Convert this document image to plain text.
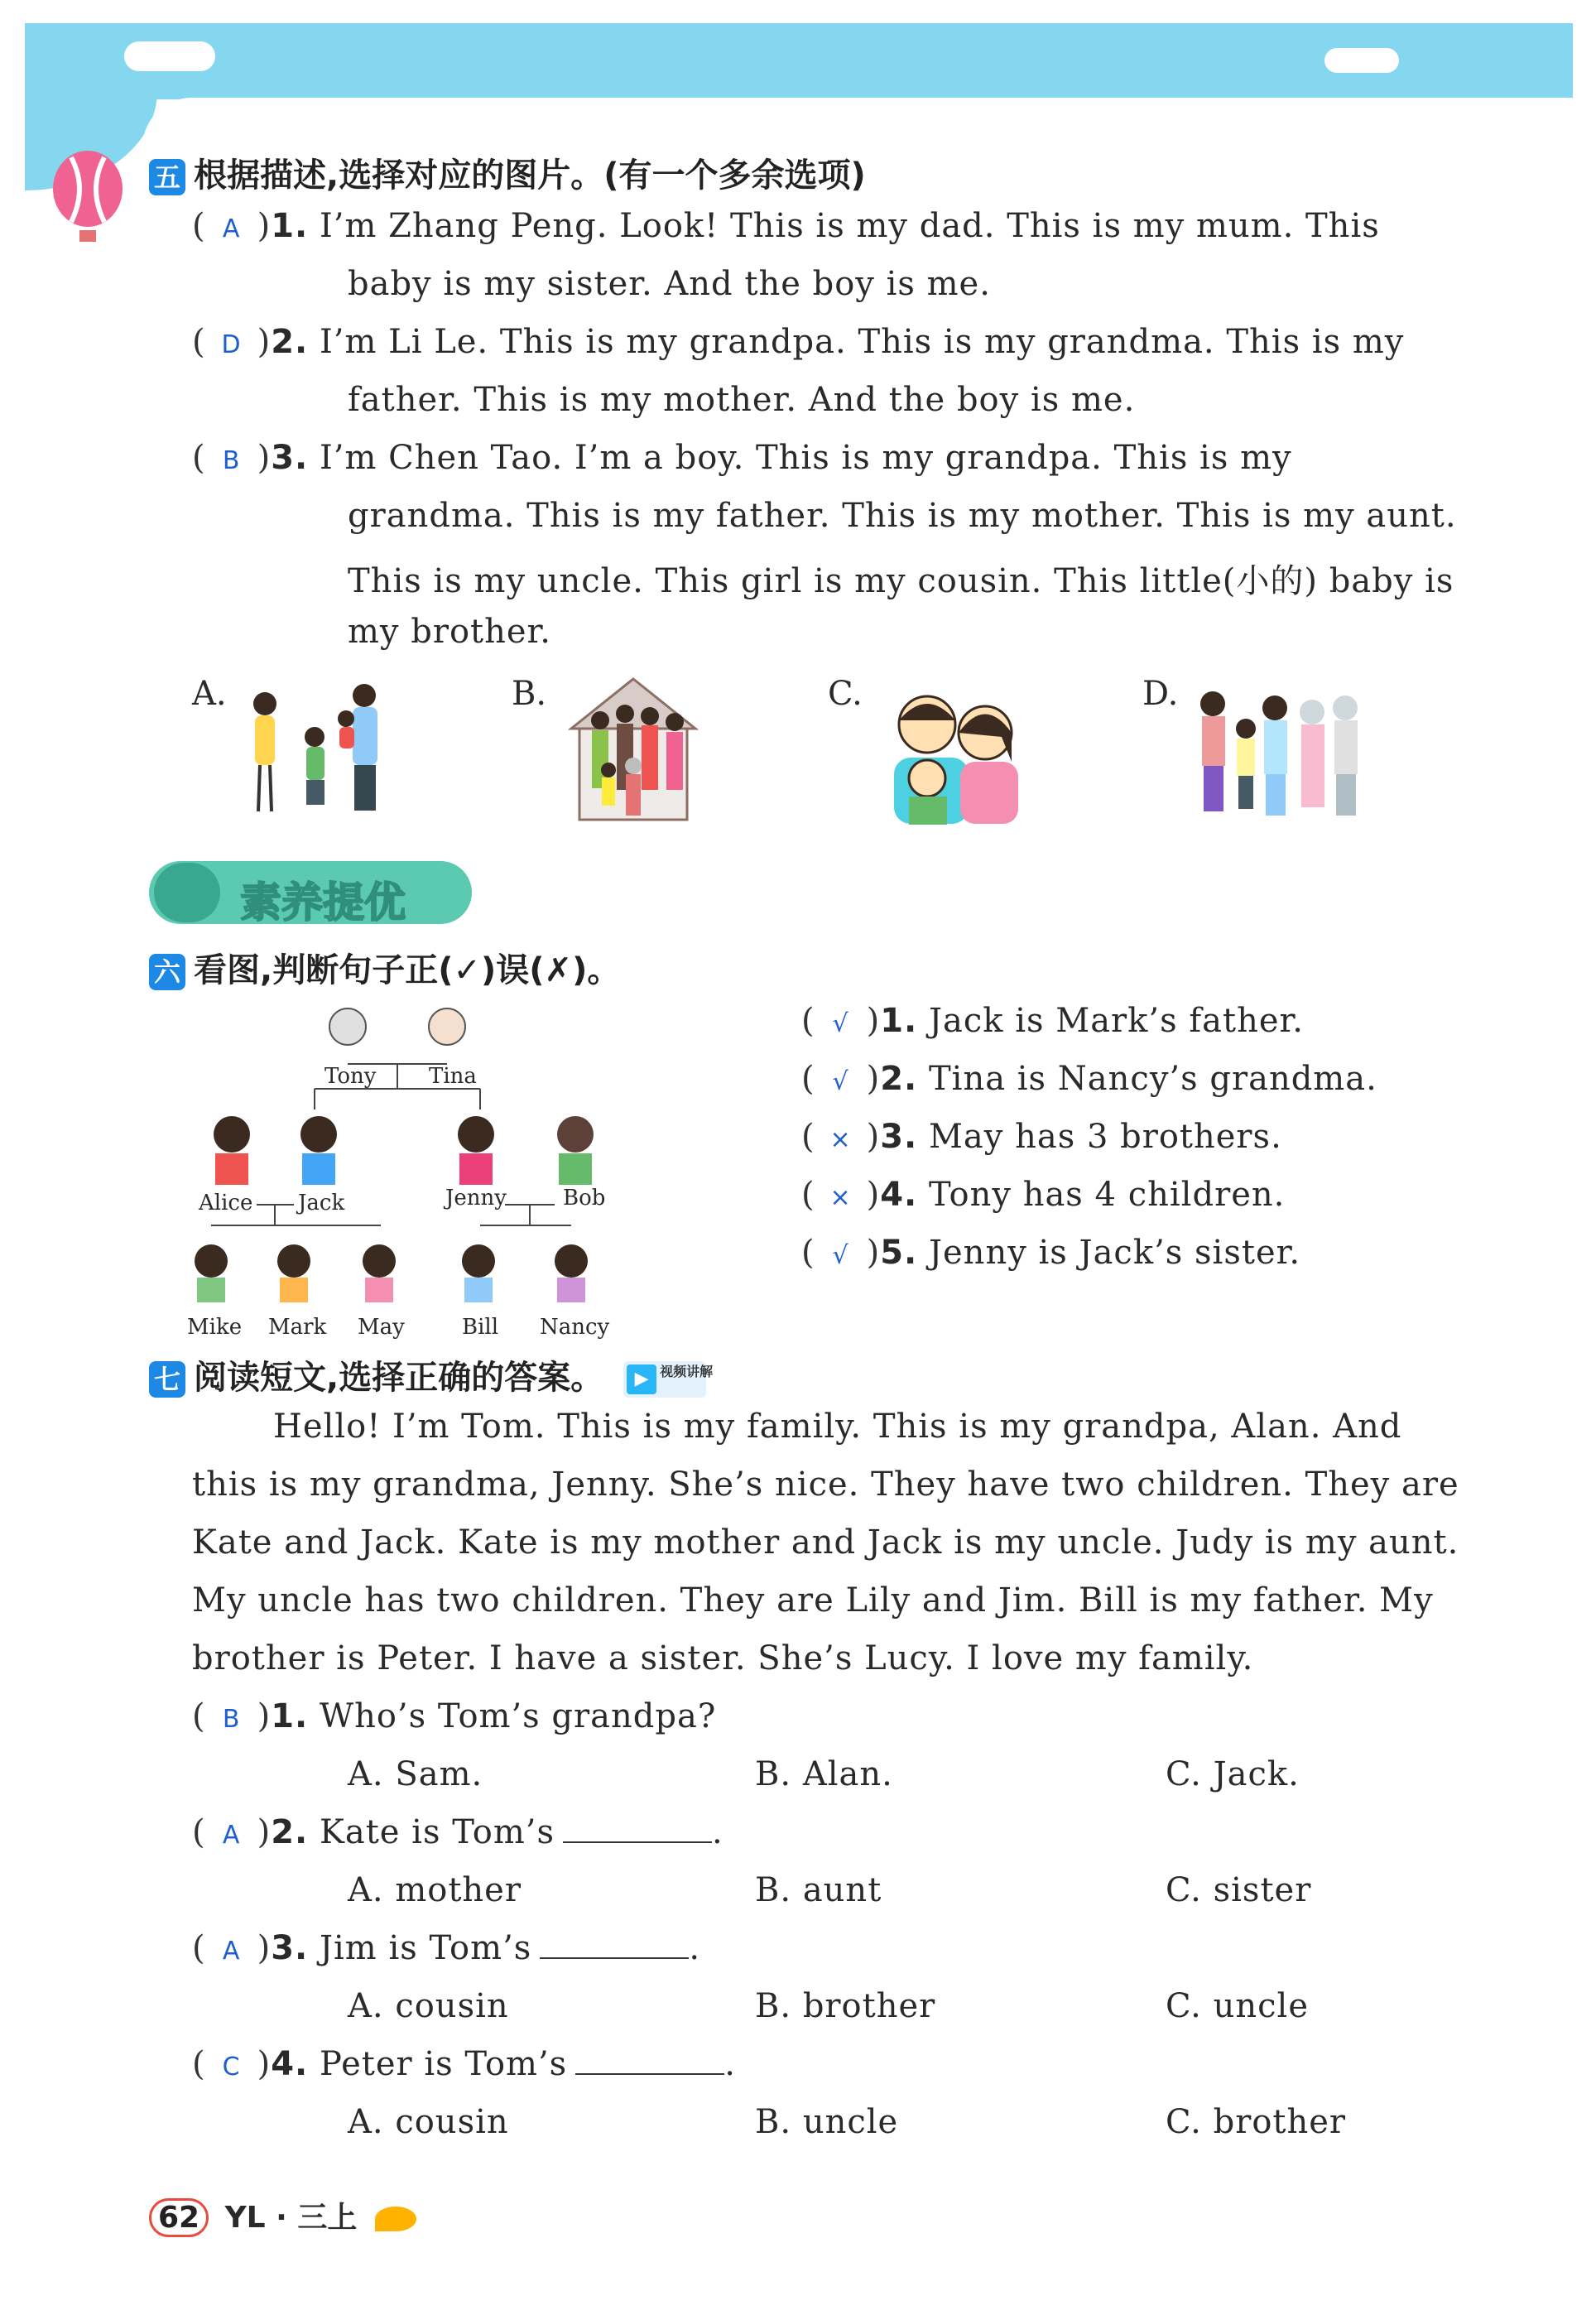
五 根据描述,选择对应的图片。(有一个多余选项)
( A )1. I’m Zhang Peng. Look! This is my dad. This is my mum. This
baby is my sister. And the boy is me.
( D )2. I’m Li Le. This is my grandpa. This is my grandma. This is my
father. This is my mother. And the boy is me.
( B )3. I’m Chen Tao. I’m a boy. This is my grandpa. This is my
grandma. This is my father. This is my mother. This is my aunt.
This is my uncle. This girl is my cousin. This little(小的) baby is
my brother.
A.	B.	C.	D.
素养提优
六 看图,判断句子正(✓)误(✗)。
Tony Tina
Alice Jack	Jenny	Bob
Mike Mark May	Bill Nancy
( √ )1. Jack is Mark’s father.
( √ )2. Tina is Nancy’s grandma.
( × )3. May has 3 brothers.
( × )4. Tony has 4 children.
( √ )5. Jenny is Jack’s sister.
七 阅读短文,选择正确的答案。	▶ 视频讲解
Hello! I’m Tom. This is my family. This is my grandpa, Alan. And
this is my grandma, Jenny. She’s nice. They have two children. They are
Kate and Jack. Kate is my mother and Jack is my uncle. Judy is my aunt.
My uncle has two children. They are Lily and Jim. Bill is my father. My
brother is Peter. I have a sister. She’s Lucy. I love my family.
( B )1. Who’s Tom’s grandpa?
A. Sam.	B. Alan.	C. Jack.
( A )2. Kate is Tom’s	.
A. mother	B. aunt	C. sister
( A )3. Jim is Tom’s	.
A. cousin	B. brother	C. uncle
( C )4. Peter is Tom’s	.
A. cousin	B. uncle	C. brother
62 YL · 三上
